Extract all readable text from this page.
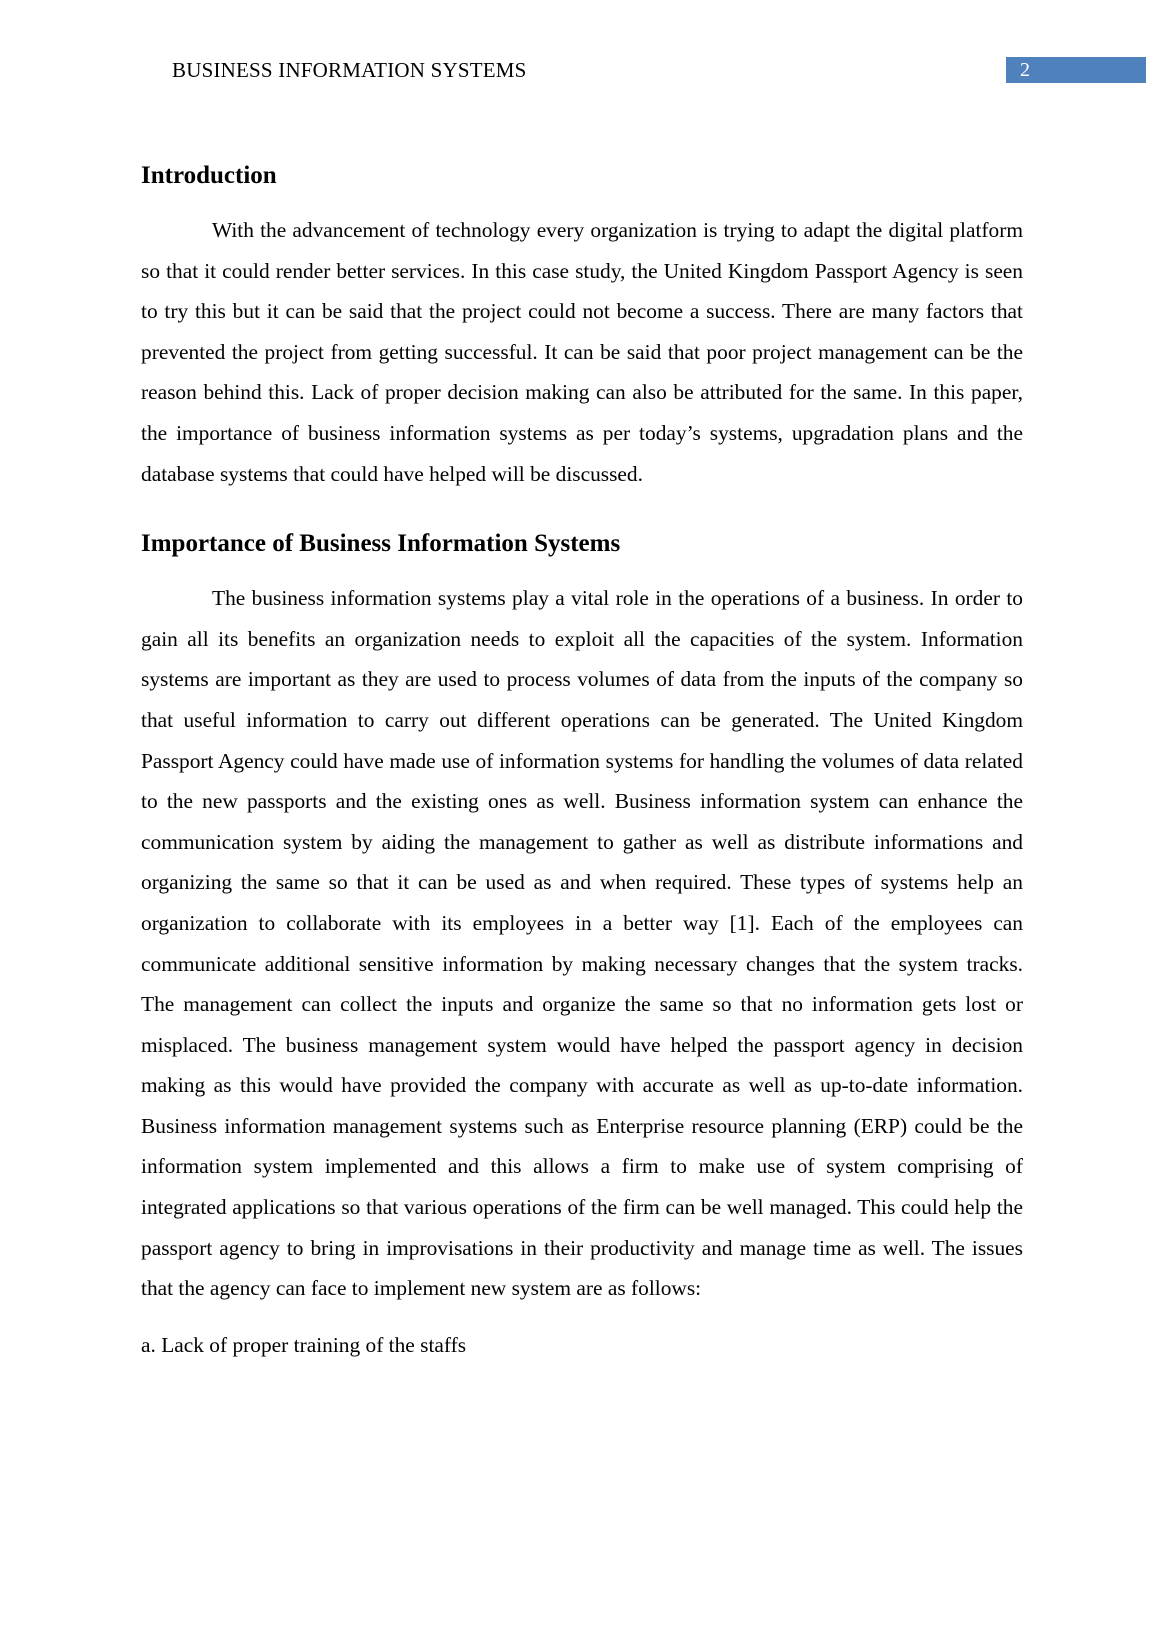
BUSINESS INFORMATION SYSTEMS	2
Introduction

With the advancement of technology every organization is trying to adapt the digital platform so that it could render better services. In this case study, the United Kingdom Passport Agency is seen to try this but it can be said that the project could not become a success. There are many factors that prevented the project from getting successful. It can be said that poor project management can be the reason behind this. Lack of proper decision making can also be attributed for the same. In this paper, the importance of business information systems as per today’s systems, upgradation plans and the database systems that could have helped will be discussed.

Importance of Business Information Systems

The business information systems play a vital role in the operations of a business. In order to gain all its benefits an organization needs to exploit all the capacities of the system. Information systems are important as they are used to process volumes of data from the inputs of the company so that useful information to carry out different operations can be generated. The United Kingdom Passport Agency could have made use of information systems for handling the volumes of data related to the new passports and the existing ones as well. Business information system can enhance the communication system by aiding the management to gather as well as distribute informations and organizing the same so that it can be used as and when required. These types of systems help an organization to collaborate with its employees in a better way [1]. Each of the employees can communicate additional sensitive information by making necessary changes that the system tracks. The management can collect the inputs and organize the same so that no information gets lost or misplaced. The business management system would have helped the passport agency in decision making as this would have provided the company with accurate as well as up-to-date information. Business information management systems such as Enterprise resource planning (ERP) could be the information system implemented and this allows a firm to make use of system comprising of integrated applications so that various operations of the firm can be well managed. This could help the passport agency to bring in improvisations in their productivity and manage time as well. The issues that the agency can face to implement new system are as follows:

a. Lack of proper training of the staffs
